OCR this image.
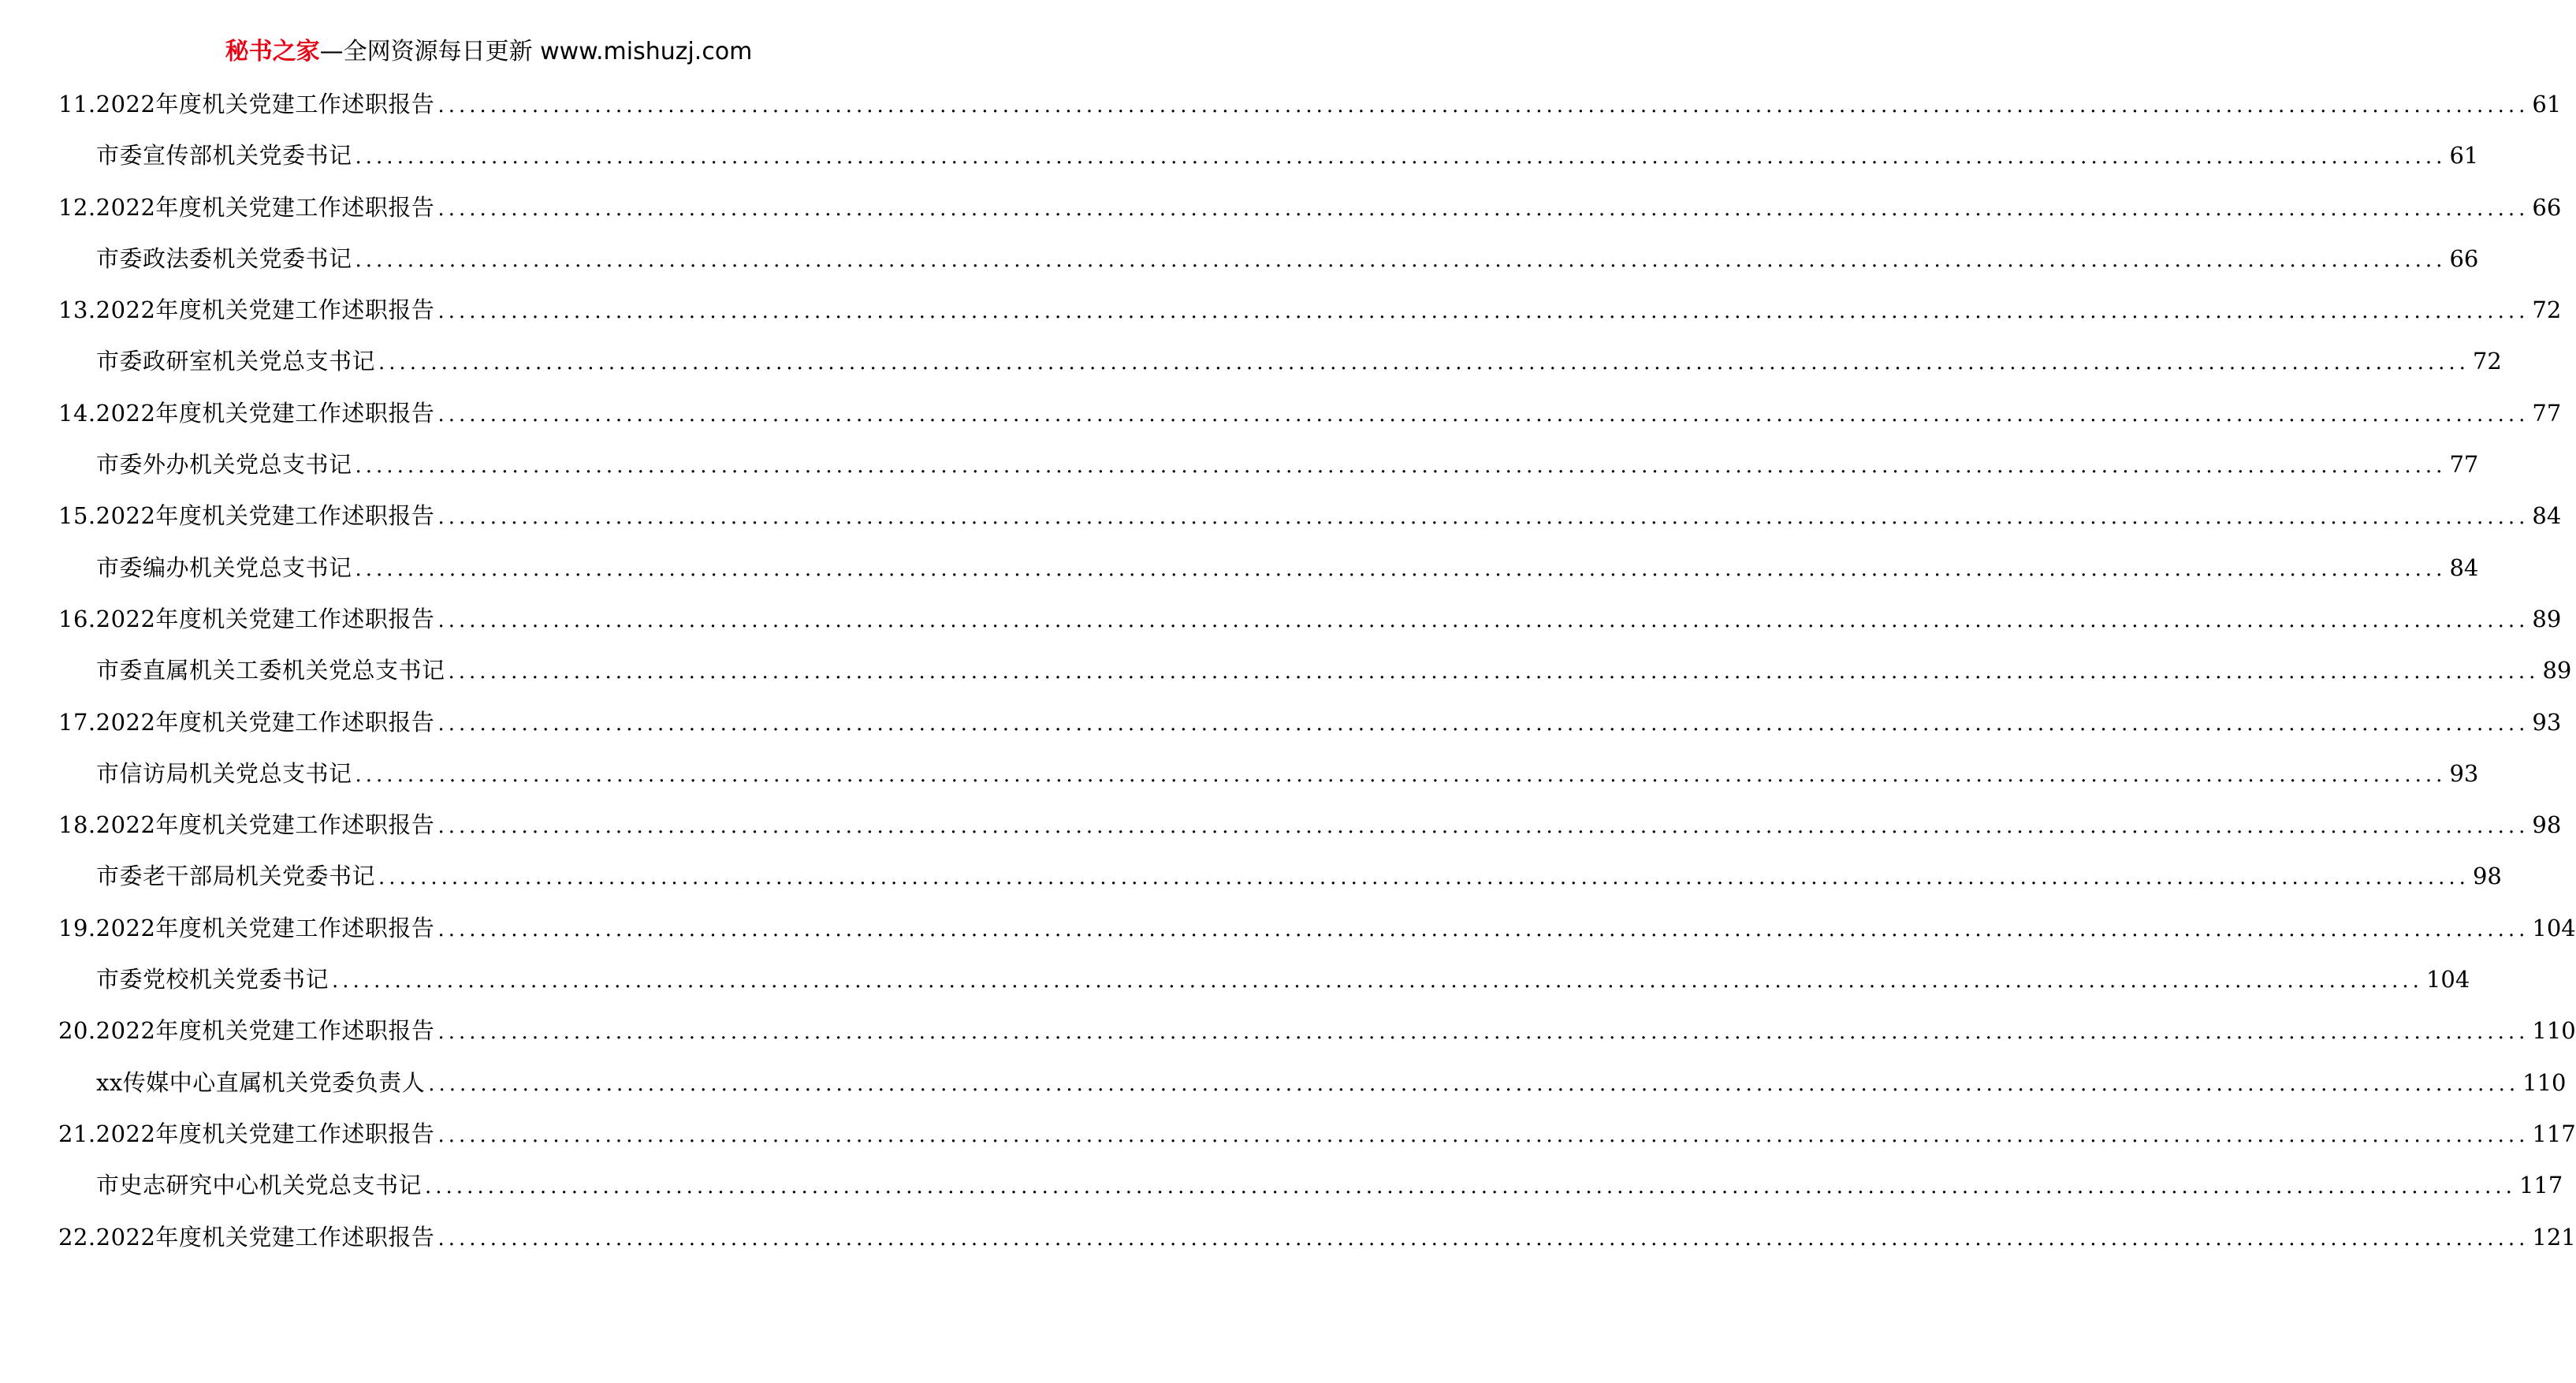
秘书之家—全网资源每日更新 www.mishuzj.com
11.2022年度机关党建工作述职报告 ........................................................................................................................................................................................................ 61
市委宣传部机关党委书记 ........................................................................................................................................................................................................ 61
12.2022年度机关党建工作述职报告 ........................................................................................................................................................................................................ 66
市委政法委机关党委书记 ........................................................................................................................................................................................................ 66
13.2022年度机关党建工作述职报告 ........................................................................................................................................................................................................ 72
市委政研室机关党总支书记 ........................................................................................................................................................................................................ 72
14.2022年度机关党建工作述职报告 ........................................................................................................................................................................................................ 77
市委外办机关党总支书记 ........................................................................................................................................................................................................ 77
15.2022年度机关党建工作述职报告 ........................................................................................................................................................................................................ 84
市委编办机关党总支书记 ........................................................................................................................................................................................................ 84
16.2022年度机关党建工作述职报告 ........................................................................................................................................................................................................ 89
市委直属机关工委机关党总支书记 ........................................................................................................................................................................................................ 89
17.2022年度机关党建工作述职报告 ........................................................................................................................................................................................................ 93
市信访局机关党总支书记 ........................................................................................................................................................................................................ 93
18.2022年度机关党建工作述职报告 ........................................................................................................................................................................................................ 98
市委老干部局机关党委书记 ........................................................................................................................................................................................................ 98
19.2022年度机关党建工作述职报告 ........................................................................................................................................................................................................ 104
市委党校机关党委书记 ........................................................................................................................................................................................................ 104
20.2022年度机关党建工作述职报告 ........................................................................................................................................................................................................ 110
xx传媒中心直属机关党委负责人 ........................................................................................................................................................................................................ 110
21.2022年度机关党建工作述职报告 ........................................................................................................................................................................................................ 117
市史志研究中心机关党总支书记 ........................................................................................................................................................................................................ 117
22.2022年度机关党建工作述职报告 ........................................................................................................................................................................................................ 121
